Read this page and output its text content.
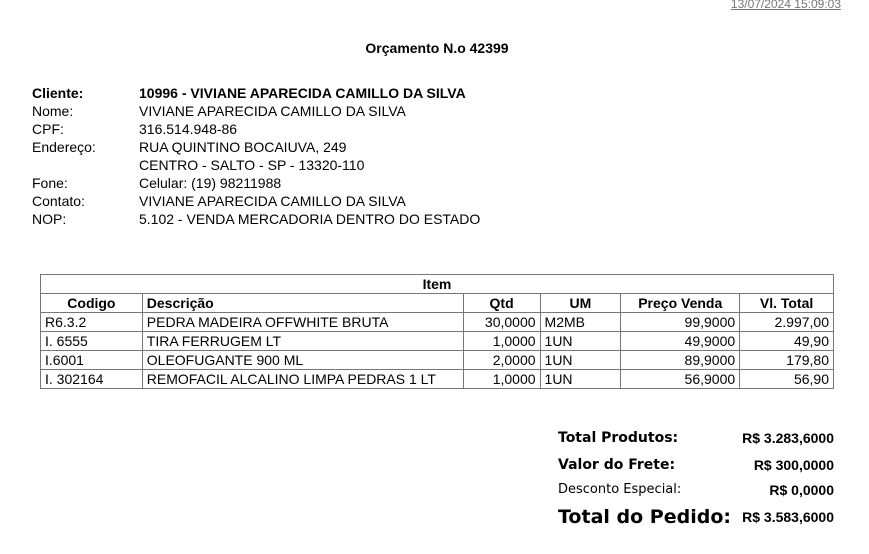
13/07/2024 15:09:03
Orçamento N.o 42399
Cliente:	10996 - VIVIANE APARECIDA CAMILLO DA SILVA
Nome:	VIVIANE APARECIDA CAMILLO DA SILVA
CPF:	316.514.948-86
Endereço:	RUA QUINTINO BOCAIUVA, 249
CENTRO - SALTO - SP - 13320-110
Fone:	Celular: (19) 98211988
Contato:	VIVIANE APARECIDA CAMILLO DA SILVA
NOP:	5.102 - VENDA MERCADORIA DENTRO DO ESTADO
Item					
Codigo	Descrição	Qtd	UM	Preço Venda	Vl. Total
R6.3.2	PEDRA MADEIRA OFFWHITE BRUTA	30,0000	M2MB	99,9000	2.997,00
I. 6555	TIRA FERRUGEM LT	1,0000	1UN	49,9000	49,90
I.6001	OLEOFUGANTE 900 ML	2,0000	1UN	89,9000	179,80
I. 302164	REMOFACIL ALCALINO LIMPA PEDRAS 1 LT	1,0000	1UN	56,9000	56,90
Total Produtos:	R$ 3.283,6000
Valor do Frete:	R$ 300,0000
Desconto Especial:	R$ 0,0000
Total do Pedido: R$ 3.583,6000
